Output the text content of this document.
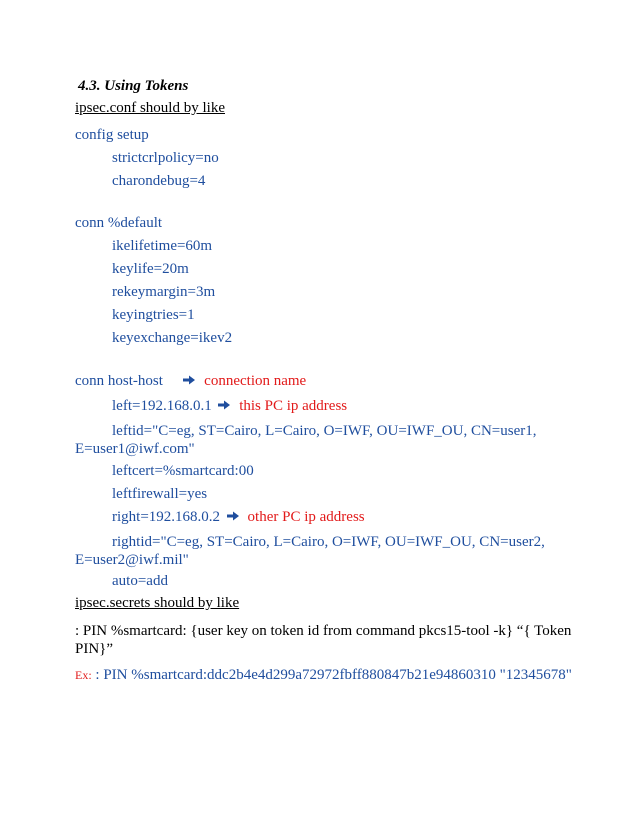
4.3. Using Tokens
ipsec.conf should by like
config setup
strictcrlpolicy=no
charondebug=4
conn %default
ikelifetime=60m
keylife=20m
rekeymargin=3m
keyingtries=1
keyexchange=ikev2
conn host-host	connection name
left=192.168.0.1 this PC ip address
leftid="C=eg, ST=Cairo, L=Cairo, O=IWF, OU=IWF_OU, CN=user1,
E=user1@iwf.com"
leftcert=%smartcard:00
leftfirewall=yes
right=192.168.0.2 other PC ip address
rightid="C=eg, ST=Cairo, L=Cairo, O=IWF, OU=IWF_OU, CN=user2,
E=user2@iwf.mil"
auto=add
ipsec.secrets should by like
: PIN %smartcard: {user key on token id from command pkcs15-tool -k} “{ Token
PIN}”
Ex: : PIN %smartcard:ddc2b4e4d299a72972fbff880847b21e94860310 "12345678"
